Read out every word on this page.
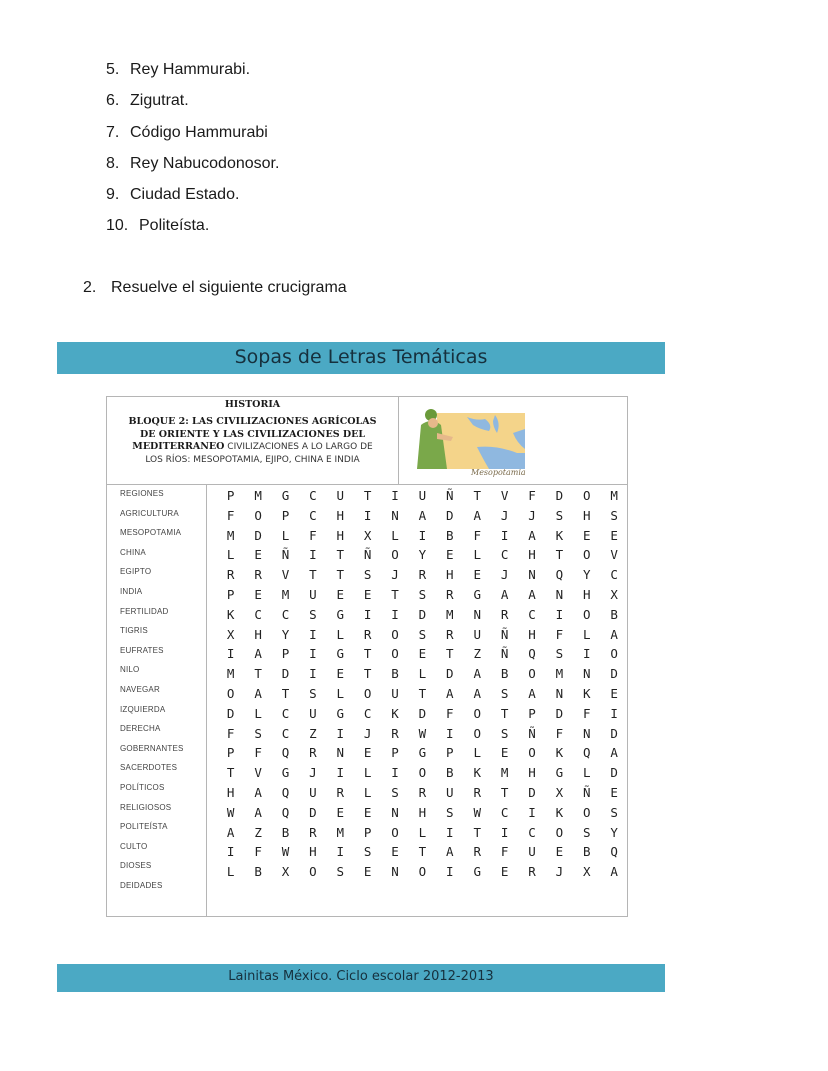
5. Rey Hammurabi.
6. Zigutrat.
7. Código Hammurabi
8. Rey Nabucodonosor.
9. Ciudad Estado.
10. Politeísta.
2. Resuelve el siguiente crucigrama
Sopas de Letras Temáticas
HISTORIA
BLOQUE 2: LAS CIVILIZACIONES AGRÍCOLAS
DE ORIENTE Y LAS CIVILIZACIONES DEL
MEDITERRANEO CIVILIZACIONES A LO LARGO DE
LOS RÍOS: MESOPOTAMIA, EJIPO, CHINA E INDIA
Mesopotamia
REGIONES
AGRICULTURA
MESOPOTAMIA
CHINA
EGIPTO
INDIA
FERTILIDAD
TIGRIS
EUFRATES
NILO
NAVEGAR
IZQUIERDA
DERECHA
GOBERNANTES
SACERDOTES
POLÍTICOS
RELIGIOSOS
POLITEÍSTA
CULTO
DIOSES
DEIDADES
P M G C U T I U Ñ T V F D O M
F O P C H I N A D A J J S H S
M D L F H X L I B F I A K E E
L E Ñ I T Ñ O Y E L C H T O V
R R V T T S J R H E J N Q Y C
P E M U E E T S R G A A N H X
K C C S G I I D M N R C I O B
X H Y I L R O S R U Ñ H F L A
I A P I G T O E T Z Ñ Q S I O
M T D I E T B L D A B O M N D
O A T S L O U T A A S A N K E
D L C U G C K D F O T P D F I
F S C Z I J R W I O S Ñ F N D
P F Q R N E P G P L E O K Q A
T V G J I L I O B K M H G L D
H A Q U R L S R U R T D X Ñ E
W A Q D E E N H S W C I K O S
A Z B R M P O L I T I C O S Y
I F W H I S E T A R F U E B Q
L B X O S E N O I G E R J X A
Lainitas México. Ciclo escolar 2012-2013
